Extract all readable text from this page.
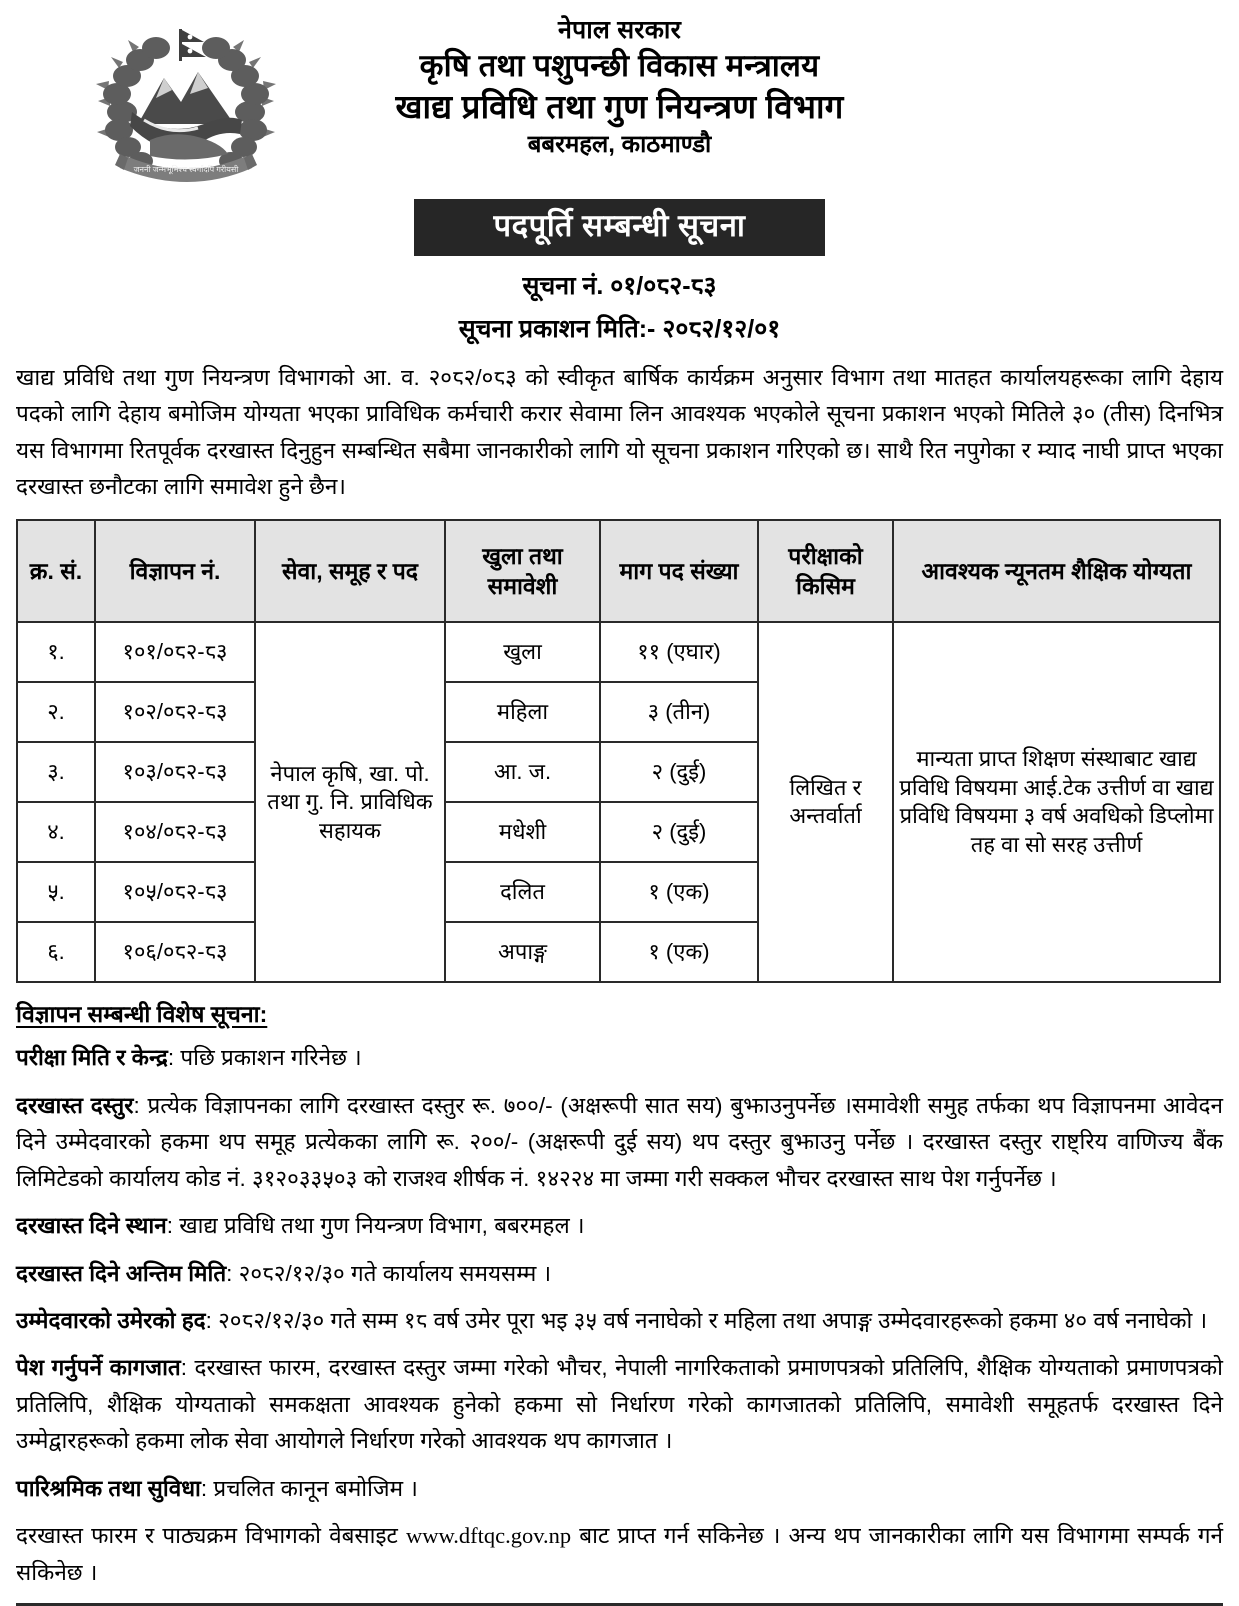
जननी जन्मभूमिश्च स्वर्गादपि गरीयसी
नेपाल सरकार
कृषि तथा पशुपन्छी विकास मन्त्रालय
खाद्य प्रविधि तथा गुण नियन्त्रण विभाग
बबरमहल, काठमाण्डौ
पदपूर्ति सम्बन्धी सूचना
सूचना नं. ०१/०८२-८३
सूचना प्रकाशन मिति:- २०८२/१२/०१
खाद्य प्रविधि तथा गुण नियन्त्रण विभागको आ. व. २०८२/०८३ को स्वीकृत बार्षिक कार्यक्रम अनुसार विभाग तथा मातहत कार्यालयहरूका लागि देहाय पदको लागि देहाय बमोजिम योग्यता भएका प्राविधिक कर्मचारी करार सेवामा लिन आवश्यक भएकोले सूचना प्रकाशन भएको मितिले ३० (तीस) दिनभित्र यस विभागमा रितपूर्वक दरखास्त दिनुहुन सम्बन्धित सबैमा जानकारीको लागि यो सूचना प्रकाशन गरिएको छ। साथै रित नपुगेका र म्याद नाघी प्राप्त भएका दरखास्त छनौटका लागि समावेश हुने छैन।
क्र. सं.	विज्ञापन नं.	सेवा, समूह र पद	खुला तथा समावेशी	माग पद संख्या	परीक्षाको किसिम	आवश्यक न्यूनतम शैक्षिक योग्यता
१.	१०१/०८२-८३	नेपाल कृषि, खा. पो. तथा गु. नि. प्राविधिक सहायक	खुला	११ (एघार)	लिखित र अन्तर्वार्ता	मान्यता प्राप्त शिक्षण संस्थाबाट खाद्य प्रविधि विषयमा आई.टेक उत्तीर्ण वा खाद्य प्रविधि विषयमा ३ वर्ष अवधिको डिप्लोमा तह वा सो सरह उत्तीर्ण
२.	१०२/०८२-८३		महिला	३ (तीन)		
३.	१०३/०८२-८३		आ. ज.	२ (दुई)		
४.	१०४/०८२-८३		मधेशी	२ (दुई)		
५.	१०५/०८२-८३		दलित	१ (एक)		
६.	१०६/०८२-८३		अपाङ्ग	१ (एक)		
विज्ञापन सम्बन्धी विशेष सूचना:
परीक्षा मिति र केन्द्र: पछि प्रकाशन गरिनेछ ।
दरखास्त दस्तुर: प्रत्येक विज्ञापनका लागि दरखास्त दस्तुर रू. ७००/- (अक्षरूपी सात सय) बुझाउनुपर्नेछ ।समावेशी समुह तर्फका थप विज्ञापनमा आवेदन दिने उम्मेदवारको हकमा थप समूह प्रत्येकका लागि रू. २००/- (अक्षरूपी दुई सय) थप दस्तुर बुझाउनु पर्नेछ । दरखास्त दस्तुर राष्ट्रिय वाणिज्य बैंक लिमिटेडको कार्यालय कोड नं. ३१२०३३५०३ को राजश्व शीर्षक नं. १४२२४ मा जम्मा गरी सक्कल भौचर दरखास्त साथ पेश गर्नुपर्नेछ ।
दरखास्त दिने स्थान: खाद्य प्रविधि तथा गुण नियन्त्रण विभाग, बबरमहल ।
दरखास्त दिने अन्तिम मिति: २०८२/१२/३० गते कार्यालय समयसम्म ।
उम्मेदवारको उमेरको हद: २०८२/१२/३० गते सम्म १८ वर्ष उमेर पूरा भइ ३५ वर्ष ननाघेको र महिला तथा अपाङ्ग उम्मेदवारहरूको हकमा ४० वर्ष ननाघेको ।
पेश गर्नुपर्ने कागजात: दरखास्त फारम, दरखास्त दस्तुर जम्मा गरेको भौचर, नेपाली नागरिकताको प्रमाणपत्रको प्रतिलिपि, शैक्षिक योग्यताको प्रमाणपत्रको प्रतिलिपि, शैक्षिक योग्यताको समकक्षता आवश्यक हुनेको हकमा सो निर्धारण गरेको कागजातको प्रतिलिपि, समावेशी समूहतर्फ दरखास्त दिने उम्मेद्वारहरूको हकमा लोक सेवा आयोगले निर्धारण गरेको आवश्यक थप कागजात ।
पारिश्रमिक तथा सुविधा: प्रचलित कानून बमोजिम ।
दरखास्त फारम र पाठ्यक्रम विभागको वेबसाइट www.dftqc.gov.np बाट प्राप्त गर्न सकिनेछ । अन्य थप जानकारीका लागि यस विभागमा सम्पर्क गर्न सकिनेछ ।
